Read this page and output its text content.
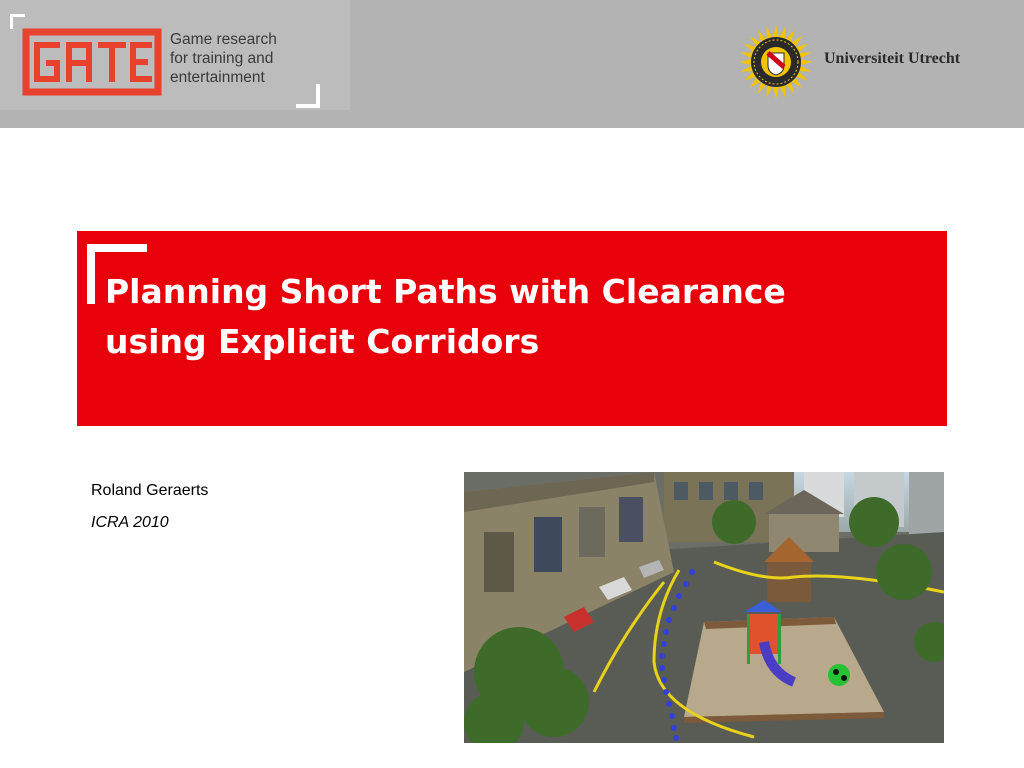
Game research
for training and
entertainment
Universiteit Utrecht
Planning Short Paths with Clearance
using Explicit Corridors
Roland Geraerts
ICRA 2010
